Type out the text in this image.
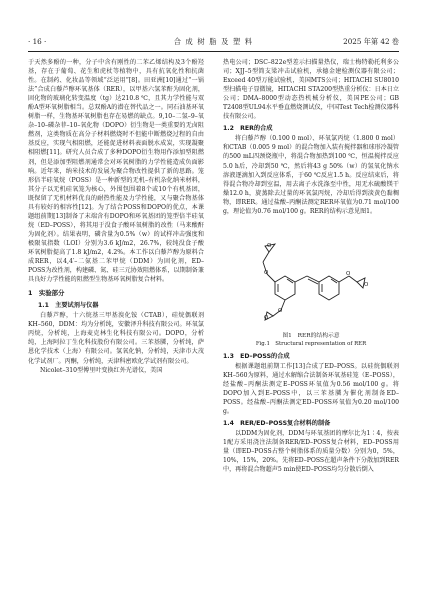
· 16 ·	合 成 树 脂 及 塑 料	2025 年第 42 卷

于天然多酚的一种，分子中含有刚性的二苯乙烯结构及3个酚羟基，存在于葡萄、花生和虎杖等植物中，具有抗氧化性和抗菌性。在制药、化妆品等领域“泛运用”[8]。田亚洲[10]通过“一锅法”合成白藜芦醇环氧基体（RER），以甲基六氢苯酐为固化剂，固化物的玻璃化转变温度（tg）达210.8 ℃，且其力学性能与双酚A型环氧树脂相当。总双酚A的潜在替代品之一。同石油基环氧树脂一样，生物基环氧树脂也存在易燃的缺点。9,10–二氢–9–氧杂–10–磷杂菲–10–氧化物（DOPO）衍生物是一类重要的无卤阻燃剂，这类物质在高分子材料燃烧时不但能中断燃烧过程的自由基反应，实现气相阻燃，还能促进材料表面脱水成炭，实现凝聚相阻燃[11]。研究人员合成了多种DOPO衍生物用作添加型阻燃剂，但是添加型阻燃剂通常会对环氧树脂的力学性能造成负面影响。近年来，纳米技术的发展为聚合物改性提供了新的思路。笼形倍半硅氧烷（POSS）是一种新型的无机–有机杂化纳米材料，其分子以无机硅氧笼为核心，外围包围着8个或10个有机基团，既保留了无机材料优良的耐热性能及力学性能，又与聚合物基体具有较好的相容性[12]。为了结合POSS和DOPO的优点，本课题组前期[13]制备了末端含有DOPO和环氧基团的笼型倍半硅氧烷（ED–POSS），将其用于没食子酸环氧树脂的改性（马来酸酐为固化剂）。结果表明，磷含量为0.5%（w）的试样冲击强度和极限氧指数（LOI）分别为3.6 kJ/m2，26.7%，较纯没食子酸环氧树脂提高了1.8 kJ/m2，4.2%。本工作以白藜芦醇为原料合成RER，以4,4′–二氨基二苯甲烷（DDM）为固化剂，ED–POSS为改性剂，构建磷、氮、硅三元协效阻燃体系，以期制备兼具良好力学性能的阻燃型生物基环氧树脂复合材料。

1　实验部分
1.1　主要试剂与仪器

白藜芦醇，十六烷基三甲基溴化铵（CTAB），硅烷偶联剂KH–560，DDM：均为分析纯，安徽泽升科技有限公司。环氧氯丙烷，分析纯，上海麦克林生化科技有限公司。DOPO，分析纯，上海阿拉丁生化科技股份有限公司。三苯基膦，分析纯，萨恩化学技术（上海）有限公司。氢氧化钠，分析纯，天津市大茂化学试剂厂。丙酮，分析纯，天津科密欧化学试剂有限公司。

Nicolet–310型傅里叶变换红外光谱仪，美国

热电公司；DSC–822e型差示扫描量热仪，瑞士梅特勒托利多公司；XJJ–5型简支梁冲击试验机，承德金建检测仪器有限公司；Exceed 40型万能试验机，美国MTS公司；HITACHI SU8010型扫描电子显微镜，HITACHI STA200型热重分析仪：日本日立公司；DMA–8000型动态热机械分析仪，美国PE公司；GB T2408型UL94水平垂直燃烧测试仪，中国Test Tech检测仪器科技有限公司。

1.2　RER的合成

将白藜芦醇（0.100 0 mol）、环氧氯丙烷（1.800 0 mol）和CTAB（0.005 9 mol）的混合物加入装有搅拌器和球形冷凝管的500 mL四颈烧瓶中，将混合物加热到100 ℃，恒温搅拌反应5.0 h后，冷却到50 ℃，然后将43 g 50%（w）的氢氧化钠水溶液逐滴加入到反应体系，于60 ℃反应1.5 h。反应结束后，将得混合物冷却到室温，用去离子水洗涤至中性，用无水硫酸镁干燥12.0 h，旋蒸除去过量的环氧氯丙烷，冷却后得到淡黄色黏稠物，即RER。通过盐酸–丙酮法测定RER环氧值为0.71 mol/100 g，理论值为0.76 mol/100 g。RER的结构示意见图1。

O
O
O
O
O
O

图1　RER的结构示意

Fig.1　Structural representation of RER

1.3　ED–POSS的合成

根据课题组前期工作[13]合成了ED–POSS。以硅烷偶联剂KH–560为原料，通过水解缩合法制备环氧基硅笼（E–POSS），经盐酸–丙酮法测定E–POSS环氧值为0.56 mol/100 g。将DOPO加入到E–POSS中，以三苯基膦为催化剂制备ED–POSS。经盐酸–丙酮法测定ED–POSS环氧值为0.20 mol/100 g。

1.4　RER/ED–POSS复合材料的制备

以DDM为固化剂，DDM与环氧基团的摩尔比为1∶4，按表1配方采用浇注法制备RER/ED–POSS复合材料，ED–POSS用量（即ED–POSS占整个树脂体系的质量分数）分别为0，5%，10%，15%，20%。先将ED–POSS在超声条件下分散加到RER中，再将混合物超声5 min使ED–POSS均匀分散后倒入
